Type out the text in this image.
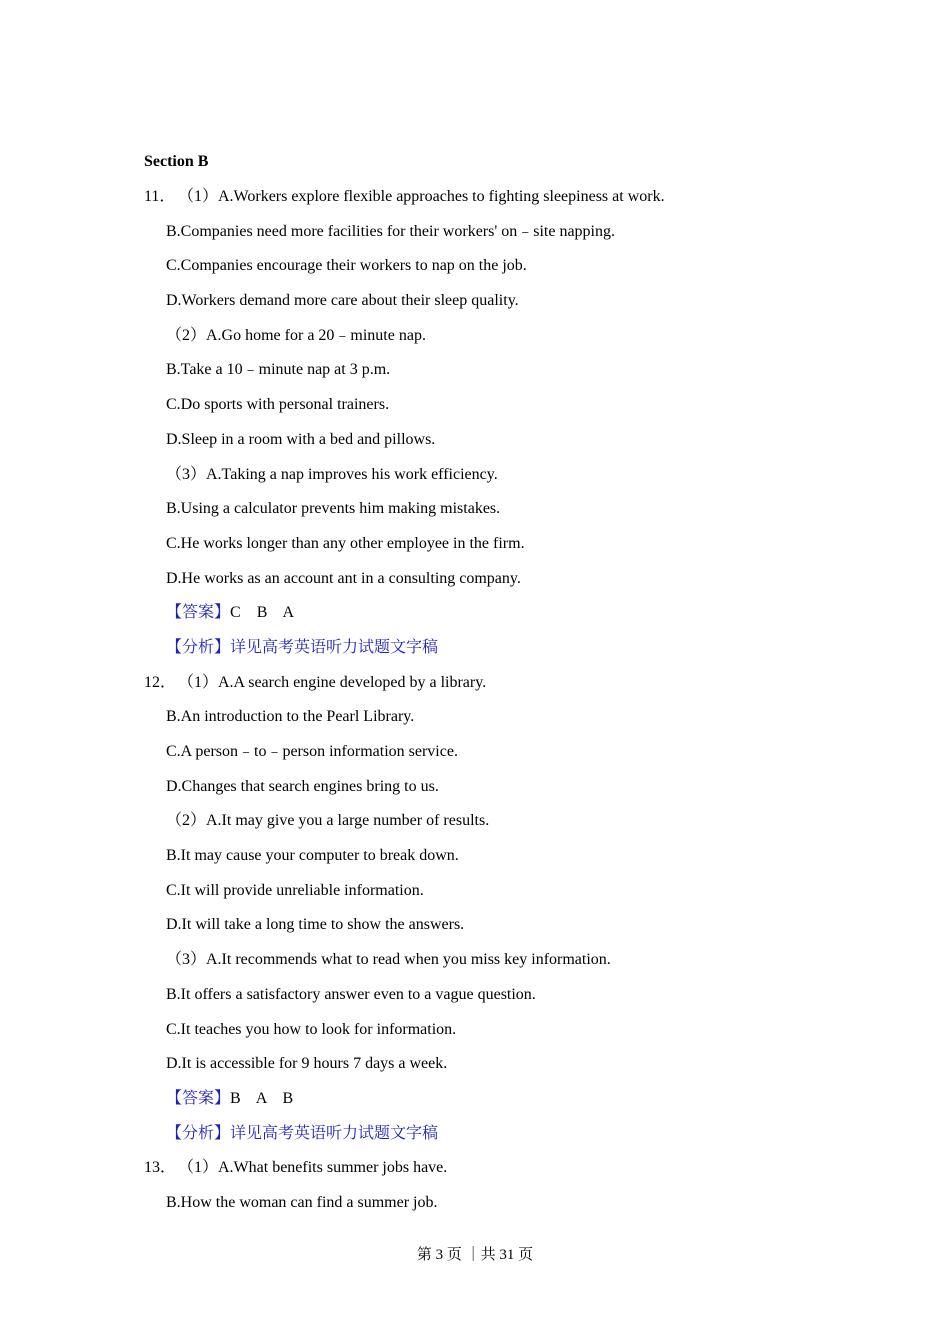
Section B
11． （1）A.Workers explore flexible approaches to fighting sleepiness at work.
B.Companies need more facilities for their workers' on﹣site napping.
C.Companies encourage their workers to nap on the job.
D.Workers demand more care about their sleep quality.
（2）A.Go home for a 20﹣minute nap.
B.Take a 10﹣minute nap at 3 p.m.
C.Do sports with personal trainers.
D.Sleep in a room with a bed and pillows.
（3）A.Taking a nap improves his work efficiency.
B.Using a calculator prevents him making mistakes.
C.He works longer than any other employee in the firm.
D.He works as an account ant in a consulting company.
【答案】C    B    A
【分析】详见高考英语听力试题文字稿
12． （1）A.A search engine developed by a library.
B.An introduction to the Pearl Library.
C.A person﹣to﹣person information service.
D.Changes that search engines bring to us.
（2）A.It may give you a large number of results.
B.It may cause your computer to break down.
C.It will provide unreliable information.
D.It will take a long time to show the answers.
（3）A.It recommends what to read when you miss key information.
B.It offers a satisfactory answer even to a vague question.
C.It teaches you how to look for information.
D.It is accessible for 9 hours 7 days a week.
【答案】B    A    B
【分析】详见高考英语听力试题文字稿
13． （1）A.What benefits summer jobs have.
B.How the woman can find a summer job.
第 3 页 ｜共 31 页
